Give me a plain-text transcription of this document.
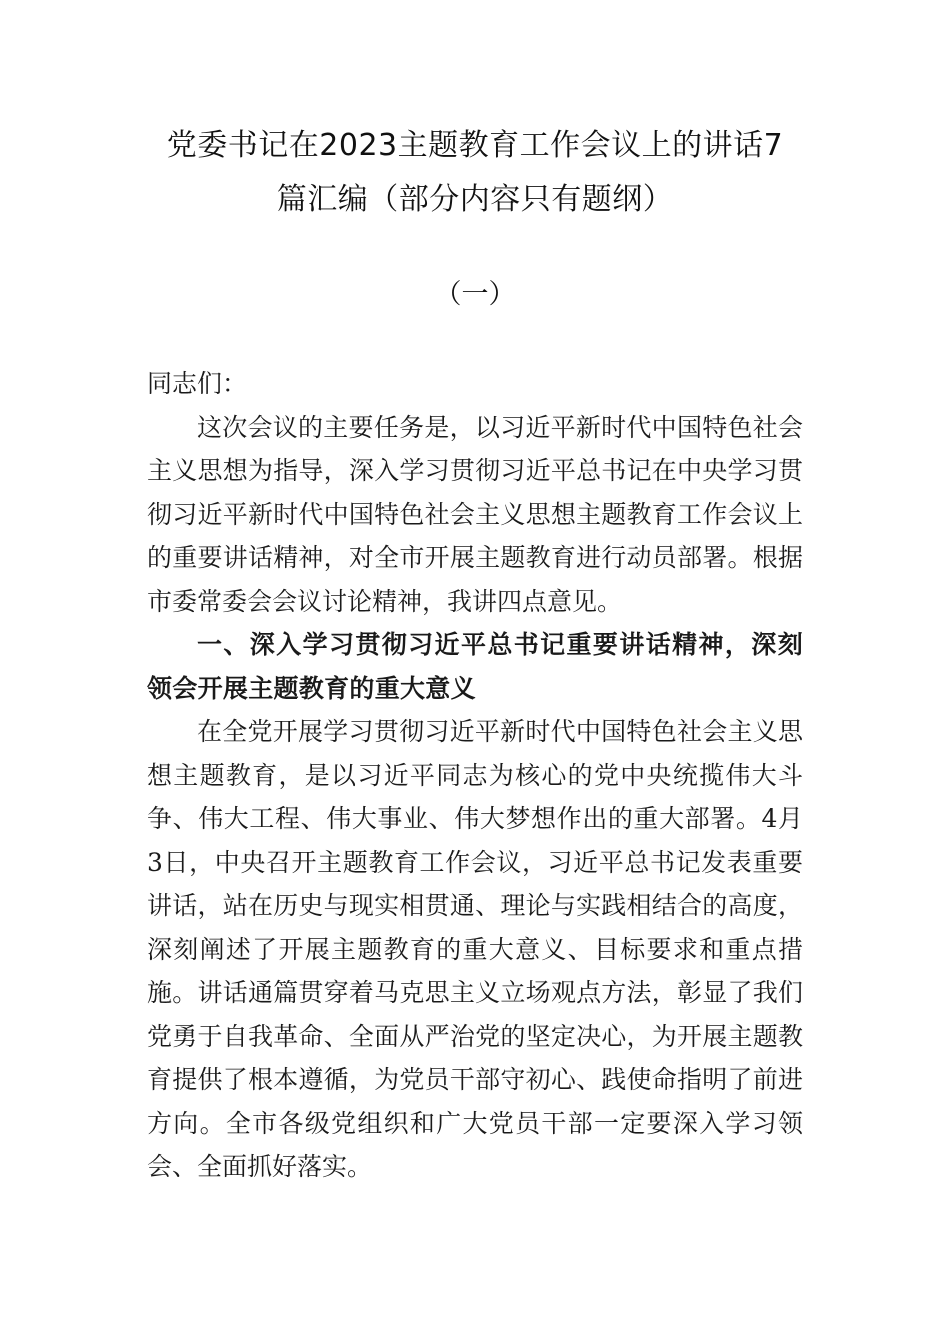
党委书记在2023主题教育工作会议上的讲话7
篇汇编（部分内容只有题纲）
（一）

同志们：

这次会议的主要任务是，以习近平新时代中国特色社会主义思想为指导，深入学习贯彻习近平总书记在中央学习贯彻习近平新时代中国特色社会主义思想主题教育工作会议上的重要讲话精神，对全市开展主题教育进行动员部署。根据市委常委会会议讨论精神，我讲四点意见。

一、深入学习贯彻习近平总书记重要讲话精神，深刻领会开展主题教育的重大意义

在全党开展学习贯彻习近平新时代中国特色社会主义思想主题教育，是以习近平同志为核心的党中央统揽伟大斗争、伟大工程、伟大事业、伟大梦想作出的重大部署。4月3日，中央召开主题教育工作会议，习近平总书记发表重要讲话，站在历史与现实相贯通、理论与实践相结合的高度，深刻阐述了开展主题教育的重大意义、目标要求和重点措施。讲话通篇贯穿着马克思主义立场观点方法，彰显了我们党勇于自我革命、全面从严治党的坚定决心，为开展主题教育提供了根本遵循，为党员干部守初心、践使命指明了前进方向。全市各级党组织和广大党员干部一定要深入学习领会、全面抓好落实。
